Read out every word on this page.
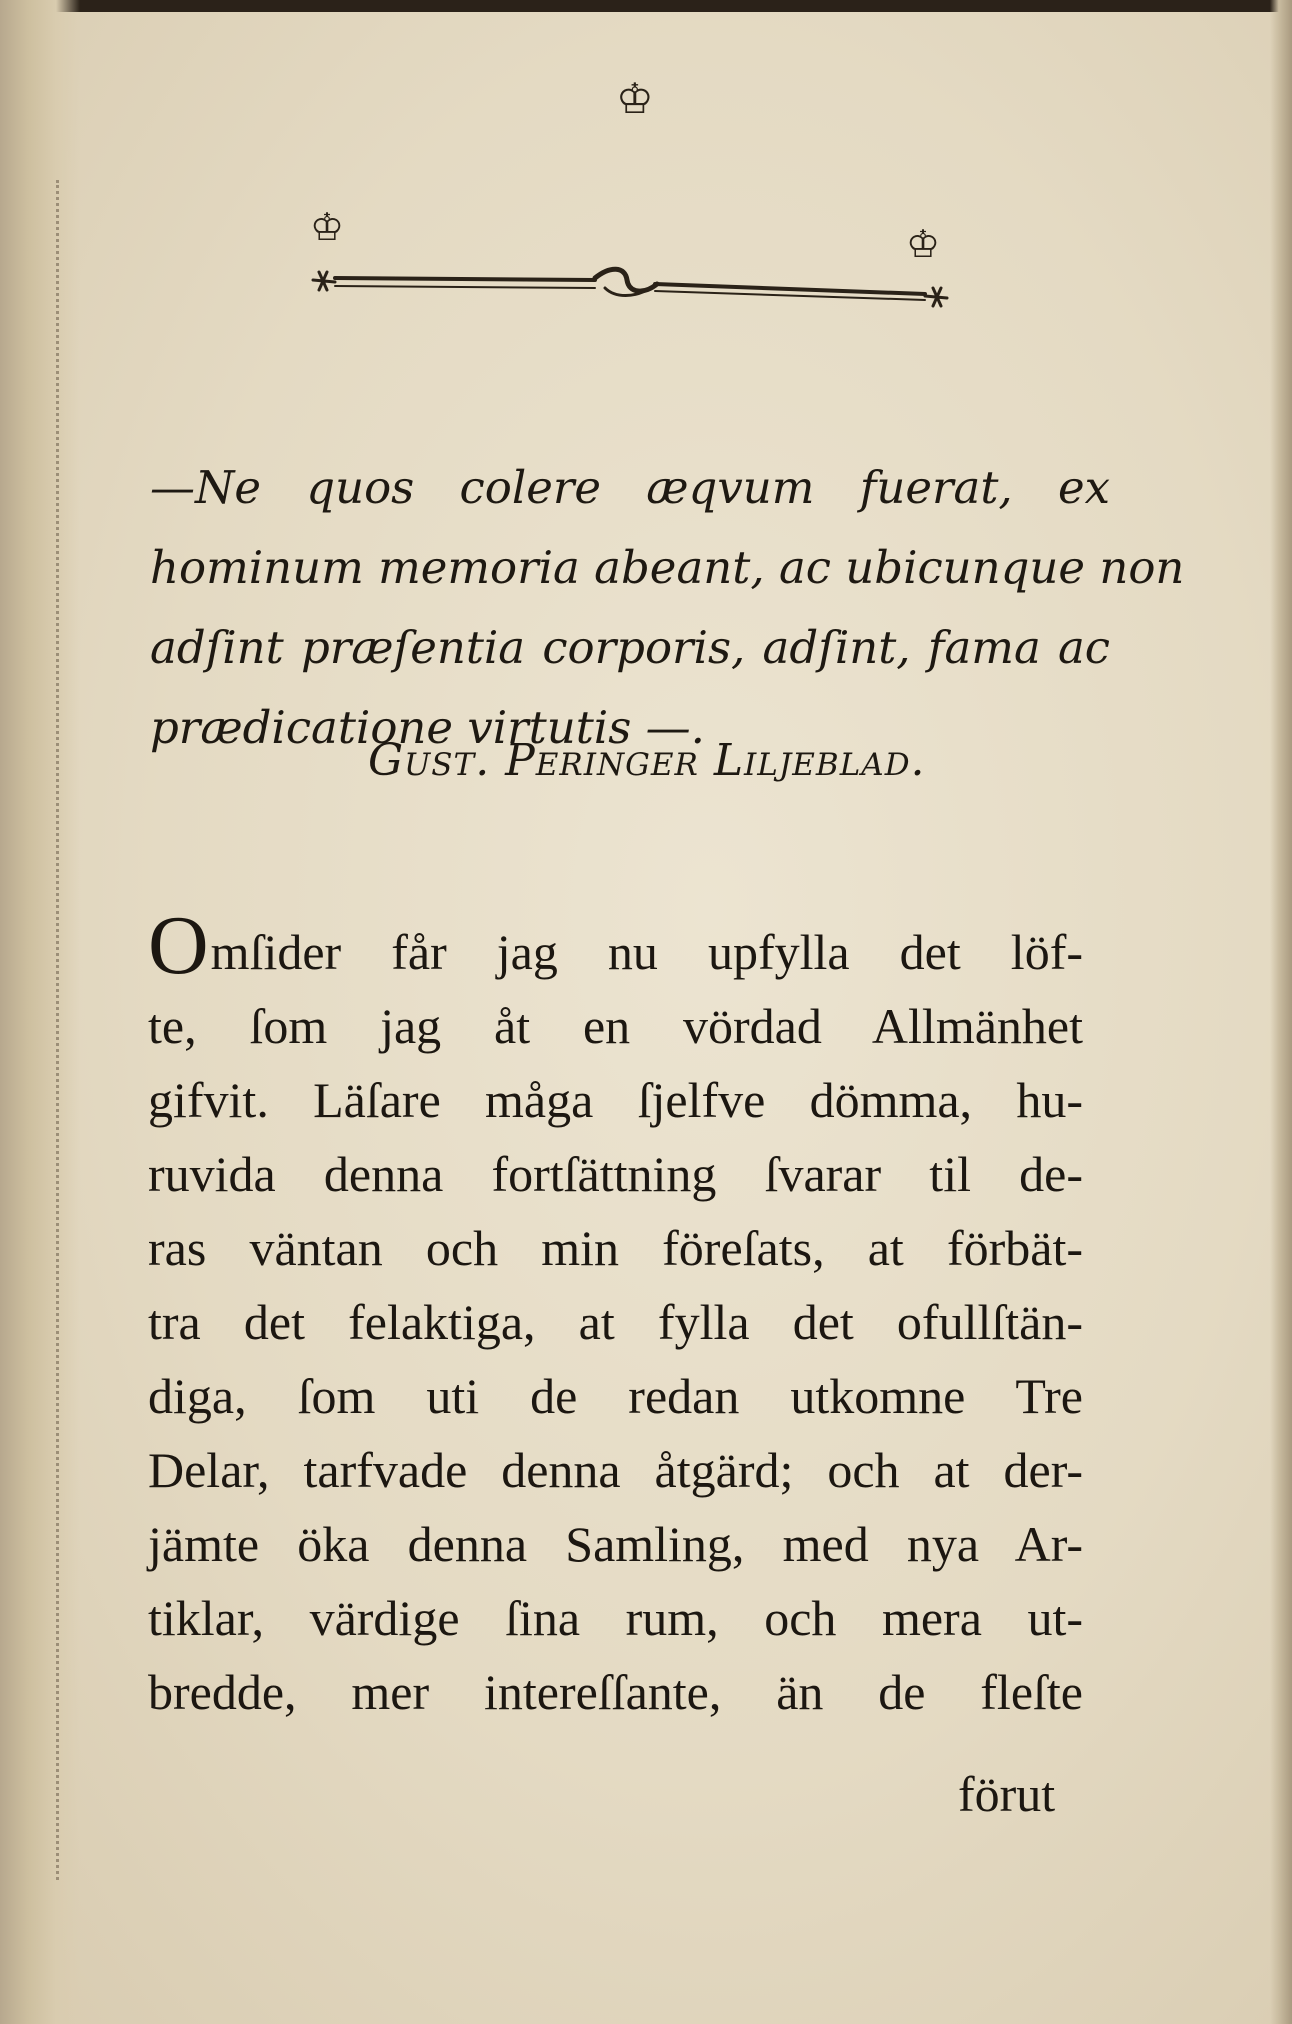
♔
♔	♔
—Ne quos colere æqvum fuerat, ex
hominum memoria abeant, ac ubicunque non
adſint præſentia corporis, adſint, fama ac
prædicatione virtutis —.
Gust. Peringer Liljeblad.
Omſider får jag nu upfylla det löf-
te, ſom jag åt en vördad Allmänhet
gifvit. Läſare måga ſjelfve dömma, hu-
ruvida denna fortſättning ſvarar til de-
ras väntan och min föreſats, at förbät-
tra det felaktiga, at fylla det ofullſtän-
diga, ſom uti de redan utkomne Tre
Delar, tarfvade denna åtgärd; och at der-
jämte öka denna Samling, med nya Ar-
tiklar, värdige ſina rum, och mera ut-
bredde, mer intereſſante, än de fleſte
förut
